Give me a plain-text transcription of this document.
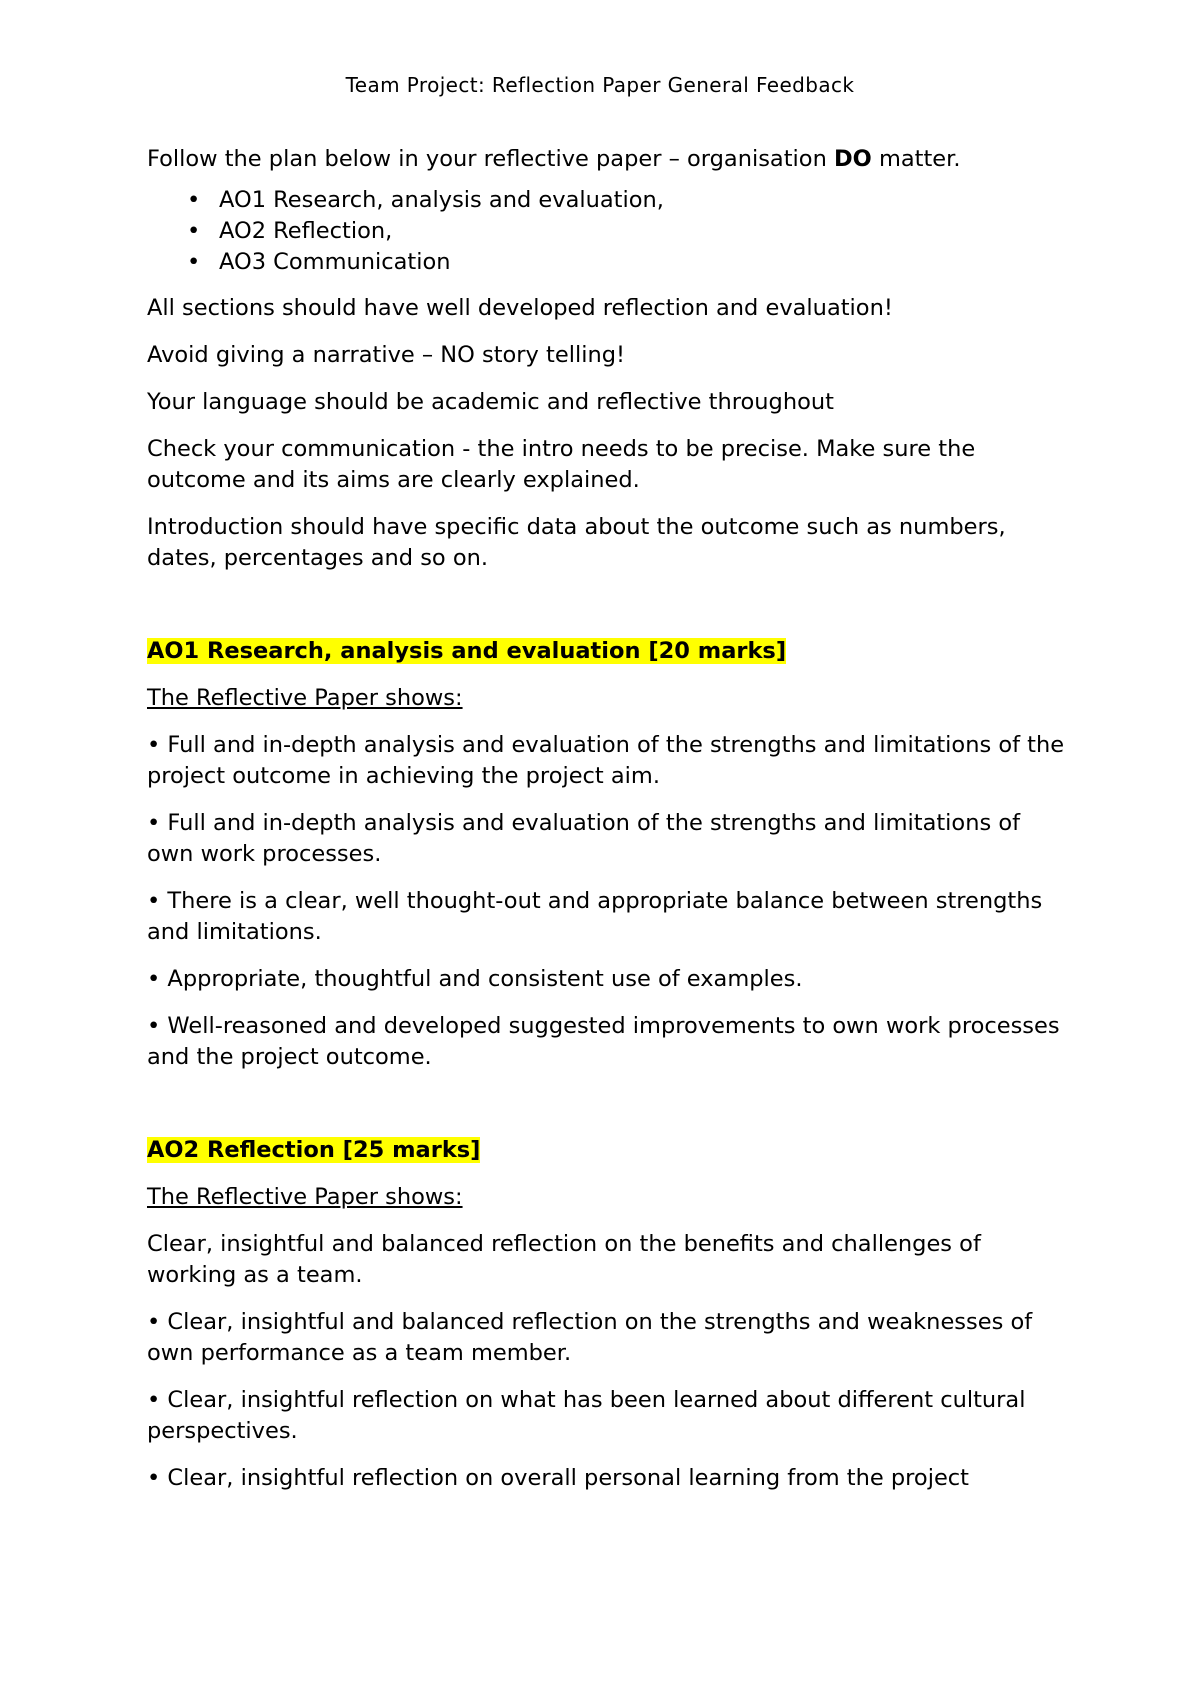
Team Project: Reflection Paper General Feedback

Follow the plan below in your reflective paper – organisation DO matter.

• AO1 Research, analysis and evaluation,
• AO2 Reflection,
• AO3 Communication

All sections should have well developed reflection and evaluation!

Avoid giving a narrative – NO story telling!

Your language should be academic and reflective throughout

Check your communication - the intro needs to be precise. Make sure the outcome and its aims are clearly explained.

Introduction should have specific data about the outcome such as numbers, dates, percentages and so on.

AO1 Research, analysis and evaluation [20 marks]

The Reflective Paper shows:

• Full and in-depth analysis and evaluation of the strengths and limitations of the project outcome in achieving the project aim.

• Full and in-depth analysis and evaluation of the strengths and limitations of own work processes.

• There is a clear, well thought-out and appropriate balance between strengths and limitations.

• Appropriate, thoughtful and consistent use of examples.

• Well-reasoned and developed suggested improvements to own work processes and the project outcome.

AO2 Reflection [25 marks]

The Reflective Paper shows:

Clear, insightful and balanced reflection on the benefits and challenges of working as a team.

• Clear, insightful and balanced reflection on the strengths and weaknesses of own performance as a team member.

• Clear, insightful reflection on what has been learned about different cultural perspectives.

• Clear, insightful reflection on overall personal learning from the project
